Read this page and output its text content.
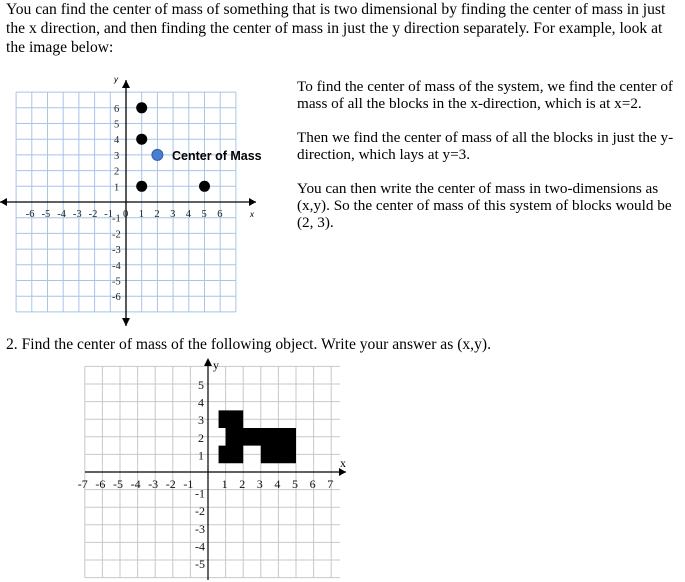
You can find the center of mass of something that is two dimensional by finding the center of mass in just the x direction, and then finding the center of mass in just the y direction separately. For example, look at the image below:
To find the center of mass of the system, we find the center of mass of all the blocks in the x-direction, which is at x=2.
Then we find the center of mass of all the blocks in just the y-direction, which lays at y=3.
You can then write the center of mass in two-dimensions as (x,y). So the center of mass of this system of blocks would be (2, 3).
y
x
-6 -5 -4 -3 -2 -1 0 1 2 3 4 5 6
1
2
3
4
5
6
-1
-2
-3
-4
-5
-6
Center of Mass
y
x
-7 -6 -5 -4 -3 -2 -1 1 2 3 4 5 6 7
1
2
3
4
5
-1
-2
-3
-4
-5
2. Find the center of mass of the following object. Write your answer as (x,y).
